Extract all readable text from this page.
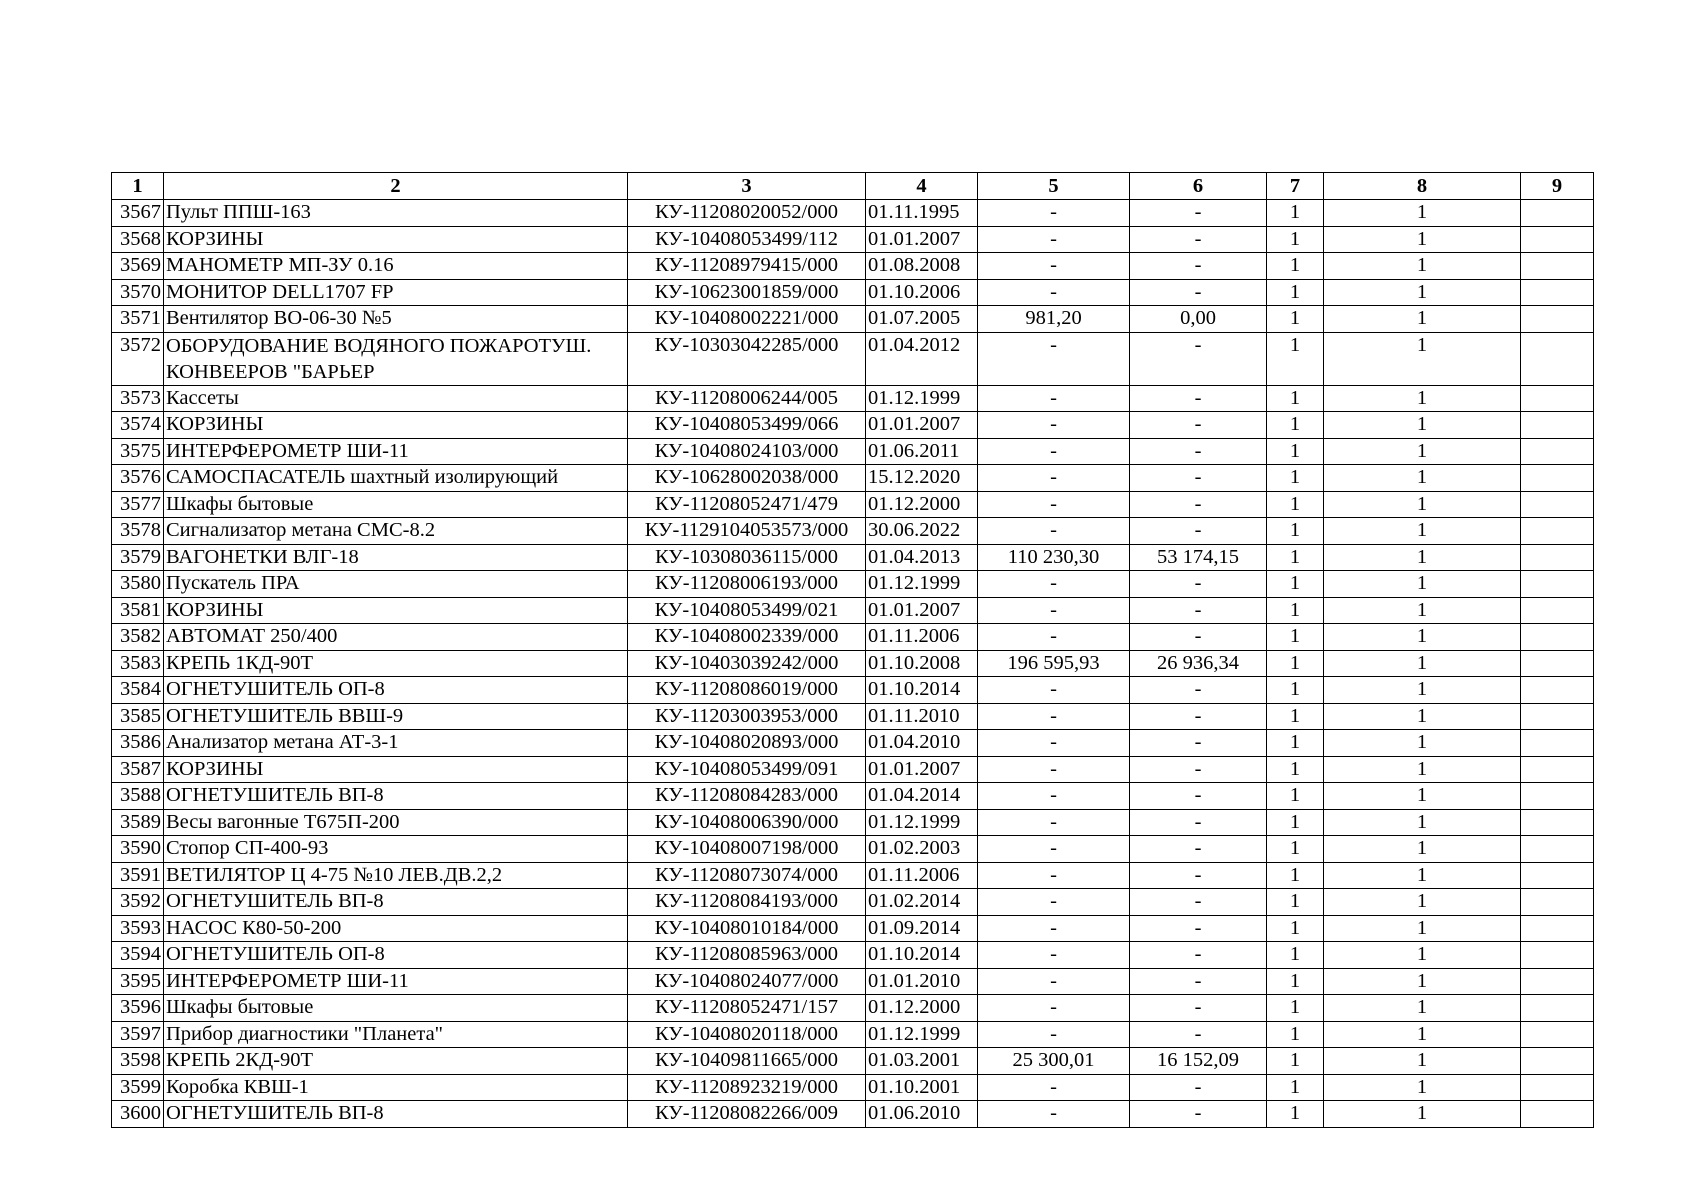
1	2	3	4	5	6	7	8	9
3567	Пульт ППШ-163	КУ-11208020052/000	01.11.1995	-	-	1	1	
3568	КОРЗИНЫ	КУ-10408053499/112	01.01.2007	-	-	1	1	
3569	МАНОМЕТР МП-ЗУ 0.16	КУ-11208979415/000	01.08.2008	-	-	1	1	
3570	МОНИТОР DELL1707 FP	КУ-10623001859/000	01.10.2006	-	-	1	1	
3571	Вентилятор ВО-06-30 №5	КУ-10408002221/000	01.07.2005	981,20	0,00	1	1	
3572	ОБОРУДОВАНИЕ ВОДЯНОГО ПОЖАРОТУШ. КОНВЕЕРОВ "БАРЬЕР	КУ-10303042285/000	01.04.2012	-	-	1	1	
3573	Кассеты	КУ-11208006244/005	01.12.1999	-	-	1	1	
3574	КОРЗИНЫ	КУ-10408053499/066	01.01.2007	-	-	1	1	
3575	ИНТЕРФЕРОМЕТР ШИ-11	КУ-10408024103/000	01.06.2011	-	-	1	1	
3576	САМОСПАСАТЕЛЬ шахтный изолирующий	КУ-10628002038/000	15.12.2020	-	-	1	1	
3577	Шкафы бытовые	КУ-11208052471/479	01.12.2000	-	-	1	1	
3578	Сигнализатор метана СМС-8.2	КУ-1129104053573/000	30.06.2022	-	-	1	1	
3579	ВАГОНЕТКИ ВЛГ-18	КУ-10308036115/000	01.04.2013	110 230,30	53 174,15	1	1	
3580	Пускатель ПРА	КУ-11208006193/000	01.12.1999	-	-	1	1	
3581	КОРЗИНЫ	КУ-10408053499/021	01.01.2007	-	-	1	1	
3582	АВТОМАТ 250/400	КУ-10408002339/000	01.11.2006	-	-	1	1	
3583	КРЕПЬ 1КД-90Т	КУ-10403039242/000	01.10.2008	196 595,93	26 936,34	1	1	
3584	ОГНЕТУШИТЕЛЬ ОП-8	КУ-11208086019/000	01.10.2014	-	-	1	1	
3585	ОГНЕТУШИТЕЛЬ ВВШ-9	КУ-11203003953/000	01.11.2010	-	-	1	1	
3586	Анализатор метана АТ-3-1	КУ-10408020893/000	01.04.2010	-	-	1	1	
3587	КОРЗИНЫ	КУ-10408053499/091	01.01.2007	-	-	1	1	
3588	ОГНЕТУШИТЕЛЬ ВП-8	КУ-11208084283/000	01.04.2014	-	-	1	1	
3589	Весы вагонные Т675П-200	КУ-10408006390/000	01.12.1999	-	-	1	1	
3590	Стопор СП-400-93	КУ-10408007198/000	01.02.2003	-	-	1	1	
3591	ВЕТИЛЯТОР Ц 4-75 №10 ЛЕВ.ДВ.2,2	КУ-11208073074/000	01.11.2006	-	-	1	1	
3592	ОГНЕТУШИТЕЛЬ ВП-8	КУ-11208084193/000	01.02.2014	-	-	1	1	
3593	НАСОС К80-50-200	КУ-10408010184/000	01.09.2014	-	-	1	1	
3594	ОГНЕТУШИТЕЛЬ ОП-8	КУ-11208085963/000	01.10.2014	-	-	1	1	
3595	ИНТЕРФЕРОМЕТР ШИ-11	КУ-10408024077/000	01.01.2010	-	-	1	1	
3596	Шкафы бытовые	КУ-11208052471/157	01.12.2000	-	-	1	1	
3597	Прибор диагностики "Планета"	КУ-10408020118/000	01.12.1999	-	-	1	1	
3598	КРЕПЬ 2КД-90Т	КУ-10409811665/000	01.03.2001	25 300,01	16 152,09	1	1	
3599	Коробка КВШ-1	КУ-11208923219/000	01.10.2001	-	-	1	1	
3600	ОГНЕТУШИТЕЛЬ ВП-8	КУ-11208082266/009	01.06.2010	-	-	1	1	
